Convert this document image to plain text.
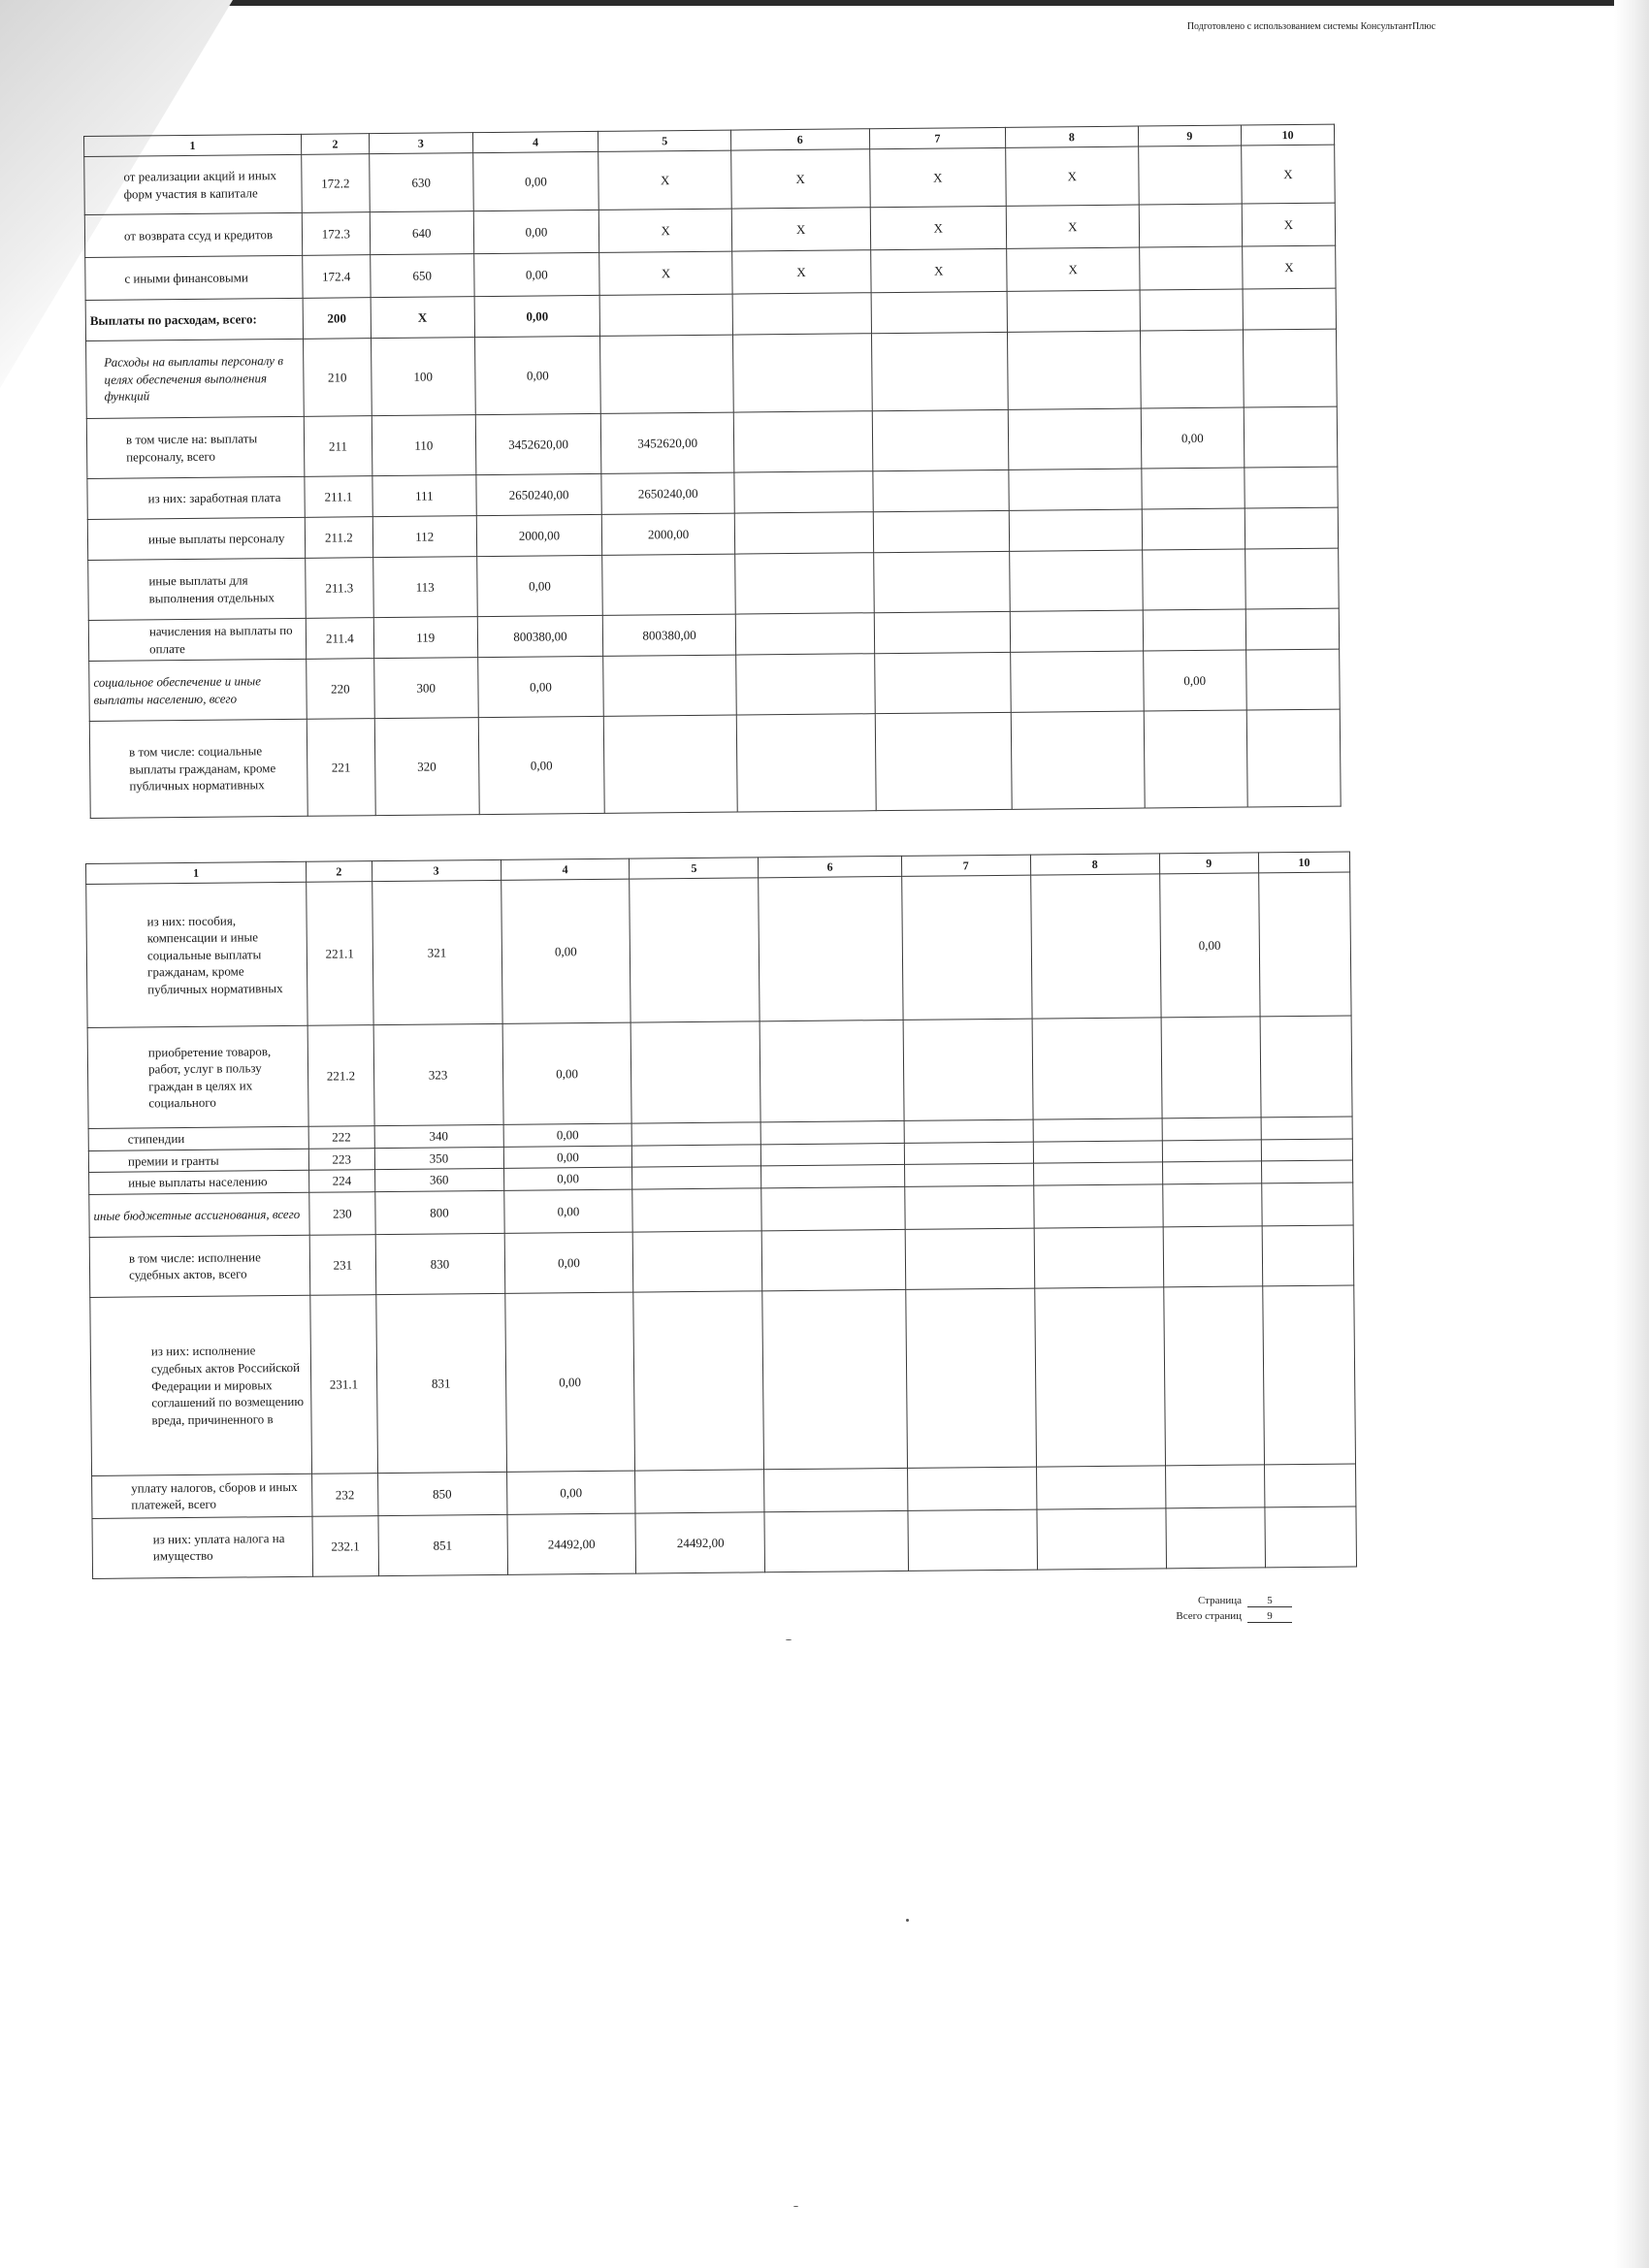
Подготовлено с использованием системы КонсультантПлюс
1	2	3	4	5	6	7	8	9	10
от реализации акций и иных форм участия в капитале	172.2	630	0,00	X	X	X	X		X
от возврата ссуд и кредитов	172.3	640	0,00	X	X	X	X		X
с иными финансовыми	172.4	650	0,00	X	X	X	X		X
Выплаты по расходам, всего:	200	X	0,00						
Расходы на выплаты персоналу в целях обеспечения выполнения функций	210	100	0,00						
в том числе на: выплаты персоналу, всего	211	110	3452620,00	3452620,00				0,00	
из них: заработная плата	211.1	111	2650240,00	2650240,00					
иные выплаты персоналу	211.2	112	2000,00	2000,00					
иные выплаты для выполнения отдельных	211.3	113	0,00						
начисления на выплаты по оплате	211.4	119	800380,00	800380,00					
социальное обеспечение и иные выплаты населению, всего	220	300	0,00					0,00	
в том числе: социальные выплаты гражданам, кроме публичных нормативных	221	320	0,00						
1	2	3	4	5	6	7	8	9	10
из них: пособия, компенсации и иные социальные выплаты гражданам, кроме публичных нормативных	221.1	321	0,00					0,00	
приобретение товаров, работ, услуг в пользу граждан в целях их социального	221.2	323	0,00						
стипендии	222	340	0,00						
премии и гранты	223	350	0,00						
иные выплаты населению	224	360	0,00						
иные бюджетные ассигнования, всего	230	800	0,00						
в том числе: исполнение судебных актов, всего	231	830	0,00						
из них: исполнение судебных актов Российской Федерации и мировых соглашений по возмещению вреда, причиненного в	231.1	831	0,00						
уплату налогов, сборов и иных платежей, всего	232	850	0,00						
из них: уплата налога на имущество	232.1	851	24492,00	24492,00					
Страница 5
Всего страниц 9
